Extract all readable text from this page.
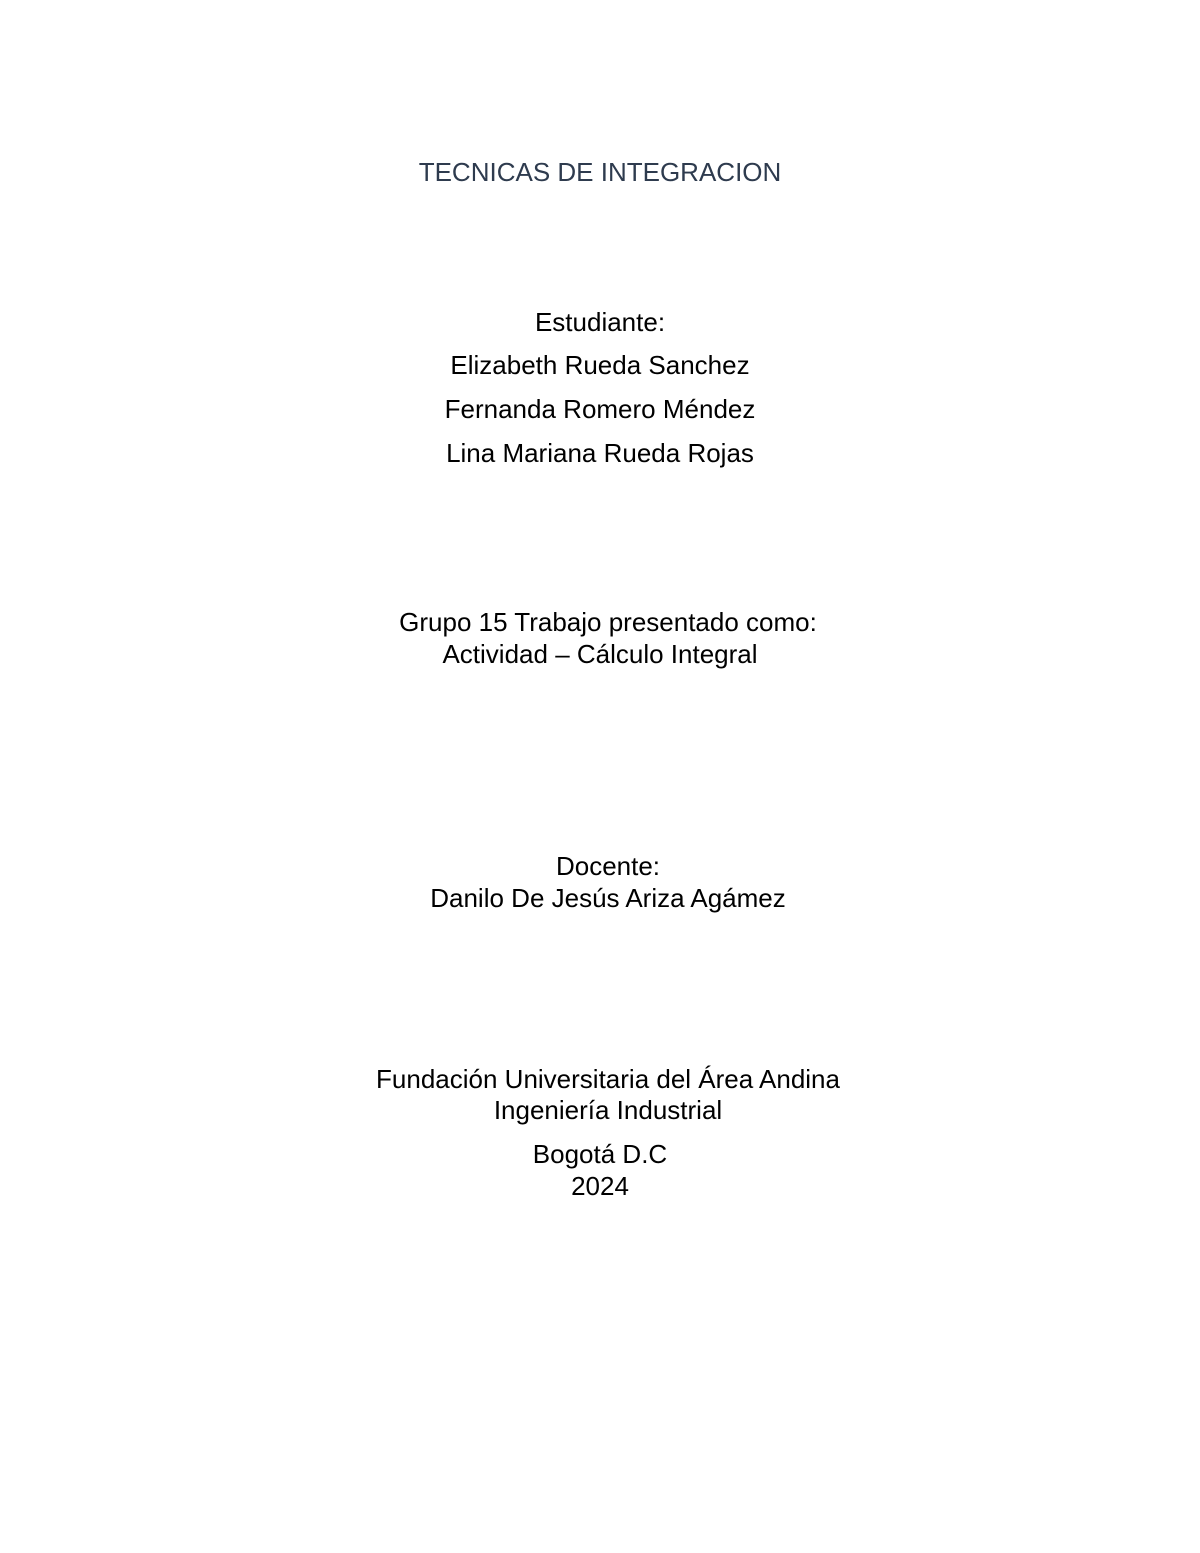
TECNICAS DE INTEGRACION
Estudiante:
Elizabeth Rueda Sanchez
Fernanda Romero Méndez
Lina Mariana Rueda Rojas
Grupo 15 Trabajo presentado como:
Actividad – Cálculo Integral
Docente:
Danilo De Jesús Ariza Agámez
Fundación Universitaria del Área Andina
Ingeniería Industrial
Bogotá D.C
2024
